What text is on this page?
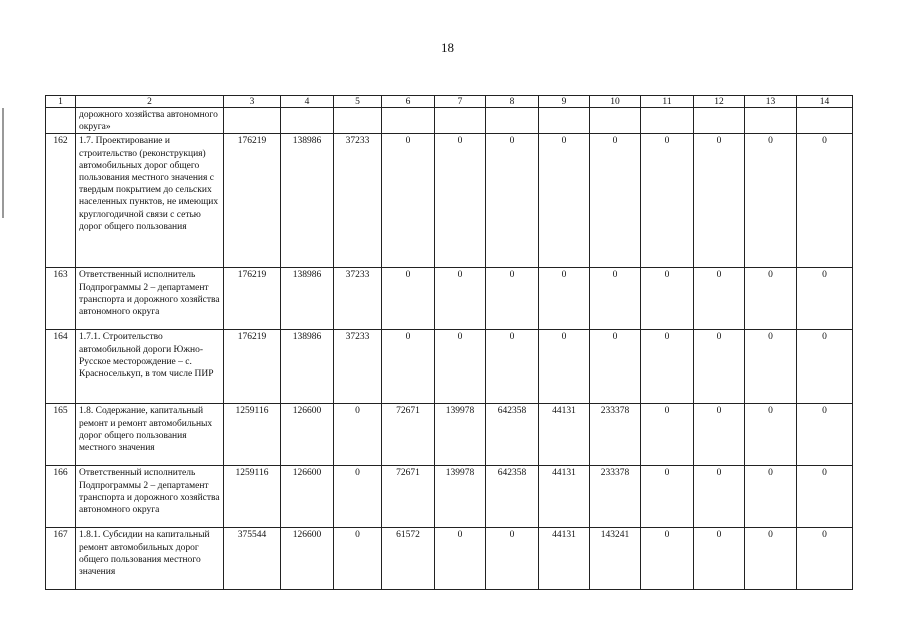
18
1	2	3	4	5	6	7	8	9	10	11	12	13	14
	дорожного хозяйства автономного округа»												
162	1.7. Проектирование и строительство (реконструкция) автомобильных дорог общего пользования местного значения с твердым покрытием до сельских населенных пунктов, не имеющих круглогодичной связи с сетью дорог общего пользования	176219	138986	37233	0	0	0	0	0	0	0	0	0
163	Ответственный исполнитель Подпрограммы 2 – департамент транспорта и дорожного хозяйства автономного округа	176219	138986	37233	0	0	0	0	0	0	0	0	0
164	1.7.1. Строительство автомобильной дороги Южно-Русское месторождение – с. Красноселькуп, в том числе ПИР	176219	138986	37233	0	0	0	0	0	0	0	0	0
165	1.8. Содержание, капитальный ремонт и ремонт автомобильных дорог общего пользования местного значения	1259116	126600	0	72671	139978	642358	44131	233378	0	0	0	0
166	Ответственный исполнитель Подпрограммы 2 – департамент транспорта и дорожного хозяйства автономного округа	1259116	126600	0	72671	139978	642358	44131	233378	0	0	0	0
167	1.8.1. Субсидии на капитальный ремонт автомобильных дорог общего пользования местного значения	375544	126600	0	61572	0	0	44131	143241	0	0	0	0
